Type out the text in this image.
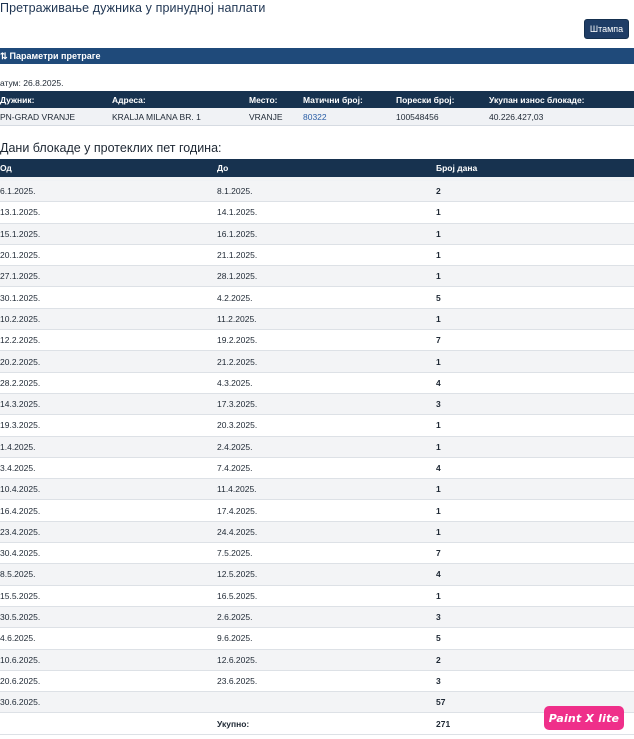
Претраживање дужника у принудној наплати
Штампа
⇅ Параметри претраге
атум: 26.8.2025.
Дужник:	Адреса:	Место:	Матични број:	Порески број:	Укупан износ блокаде:
PN-GRAD VRANJE	KRALJA MILANA BR. 1	VRANJE	80322	100548456	40.226.427,03
Дани блокаде у протеклих пет година:
Од	До	Број дана

6.1.2025.	8.1.2025.	2
13.1.2025.	14.1.2025.	1
15.1.2025.	16.1.2025.	1
20.1.2025.	21.1.2025.	1
27.1.2025.	28.1.2025.	1
30.1.2025.	4.2.2025.	5
10.2.2025.	11.2.2025.	1
12.2.2025.	19.2.2025.	7
20.2.2025.	21.2.2025.	1
28.2.2025.	4.3.2025.	4
14.3.2025.	17.3.2025.	3
19.3.2025.	20.3.2025.	1
1.4.2025.	2.4.2025.	1
3.4.2025.	7.4.2025.	4
10.4.2025.	11.4.2025.	1
16.4.2025.	17.4.2025.	1
23.4.2025.	24.4.2025.	1
30.4.2025.	7.5.2025.	7
8.5.2025.	12.5.2025.	4
15.5.2025.	16.5.2025.	1
30.5.2025.	2.6.2025.	3
4.6.2025.	9.6.2025.	5
10.6.2025.	12.6.2025.	2
20.6.2025.	23.6.2025.	3
30.6.2025.		57
	Укупно:	271	Paint X lite
